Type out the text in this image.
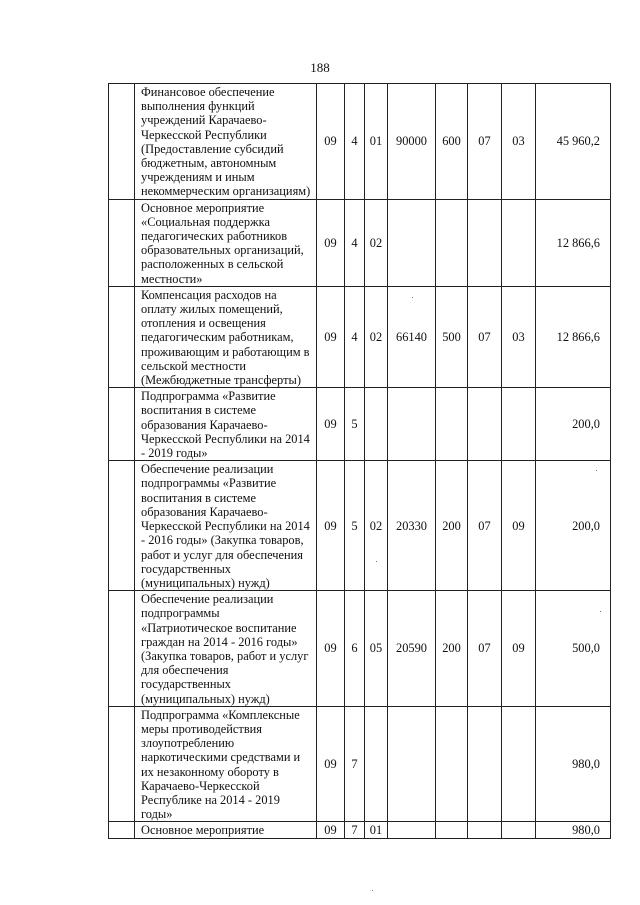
188
	Финансовое обеспечение выполнения функций учреждений Карачаево-Черкесской Республики (Предоставление субсидий бюджетным, автономным учреждениям и иным некоммерческим организациям)	09	4	01	90000	600	07	03	45 960,2
	Основное мероприятие «Социальная поддержка педагогических работников образовательных организаций, расположенных в сельской местности»	09	4	02					12 866,6
	Компенсация расходов на оплату жилых помещений, отопления и освещения педагогическим работникам, проживающим и работающим в сельской местности (Межбюджетные трансферты)	09	4	02	66140	500	07	03	12 866,6
	Подпрограмма «Развитие воспитания в системе образования Карачаево-Черкесской Республики на 2014 - 2019 годы»	09	5						200,0
	Обеспечение реализации подпрограммы «Развитие воспитания в системе образования Карачаево-Черкесской Республики на 2014 - 2016 годы» (Закупка товаров, работ и услуг для обеспечения государственных (муниципальных) нужд)	09	5	02	20330	200	07	09	200,0
	Обеспечение реализации подпрограммы «Патриотическое воспитание граждан на 2014 - 2016 годы» (Закупка товаров, работ и услуг для обеспечения государственных (муниципальных) нужд)	09	6	05	20590	200	07	09	500,0
	Подпрограмма «Комплексные меры противодействия злоупотреблению наркотическими средствами и их незаконному обороту в Карачаево-Черкесской Республике на 2014 - 2019 годы»	09	7						980,0
	Основное мероприятие	09	7	01					980,0
